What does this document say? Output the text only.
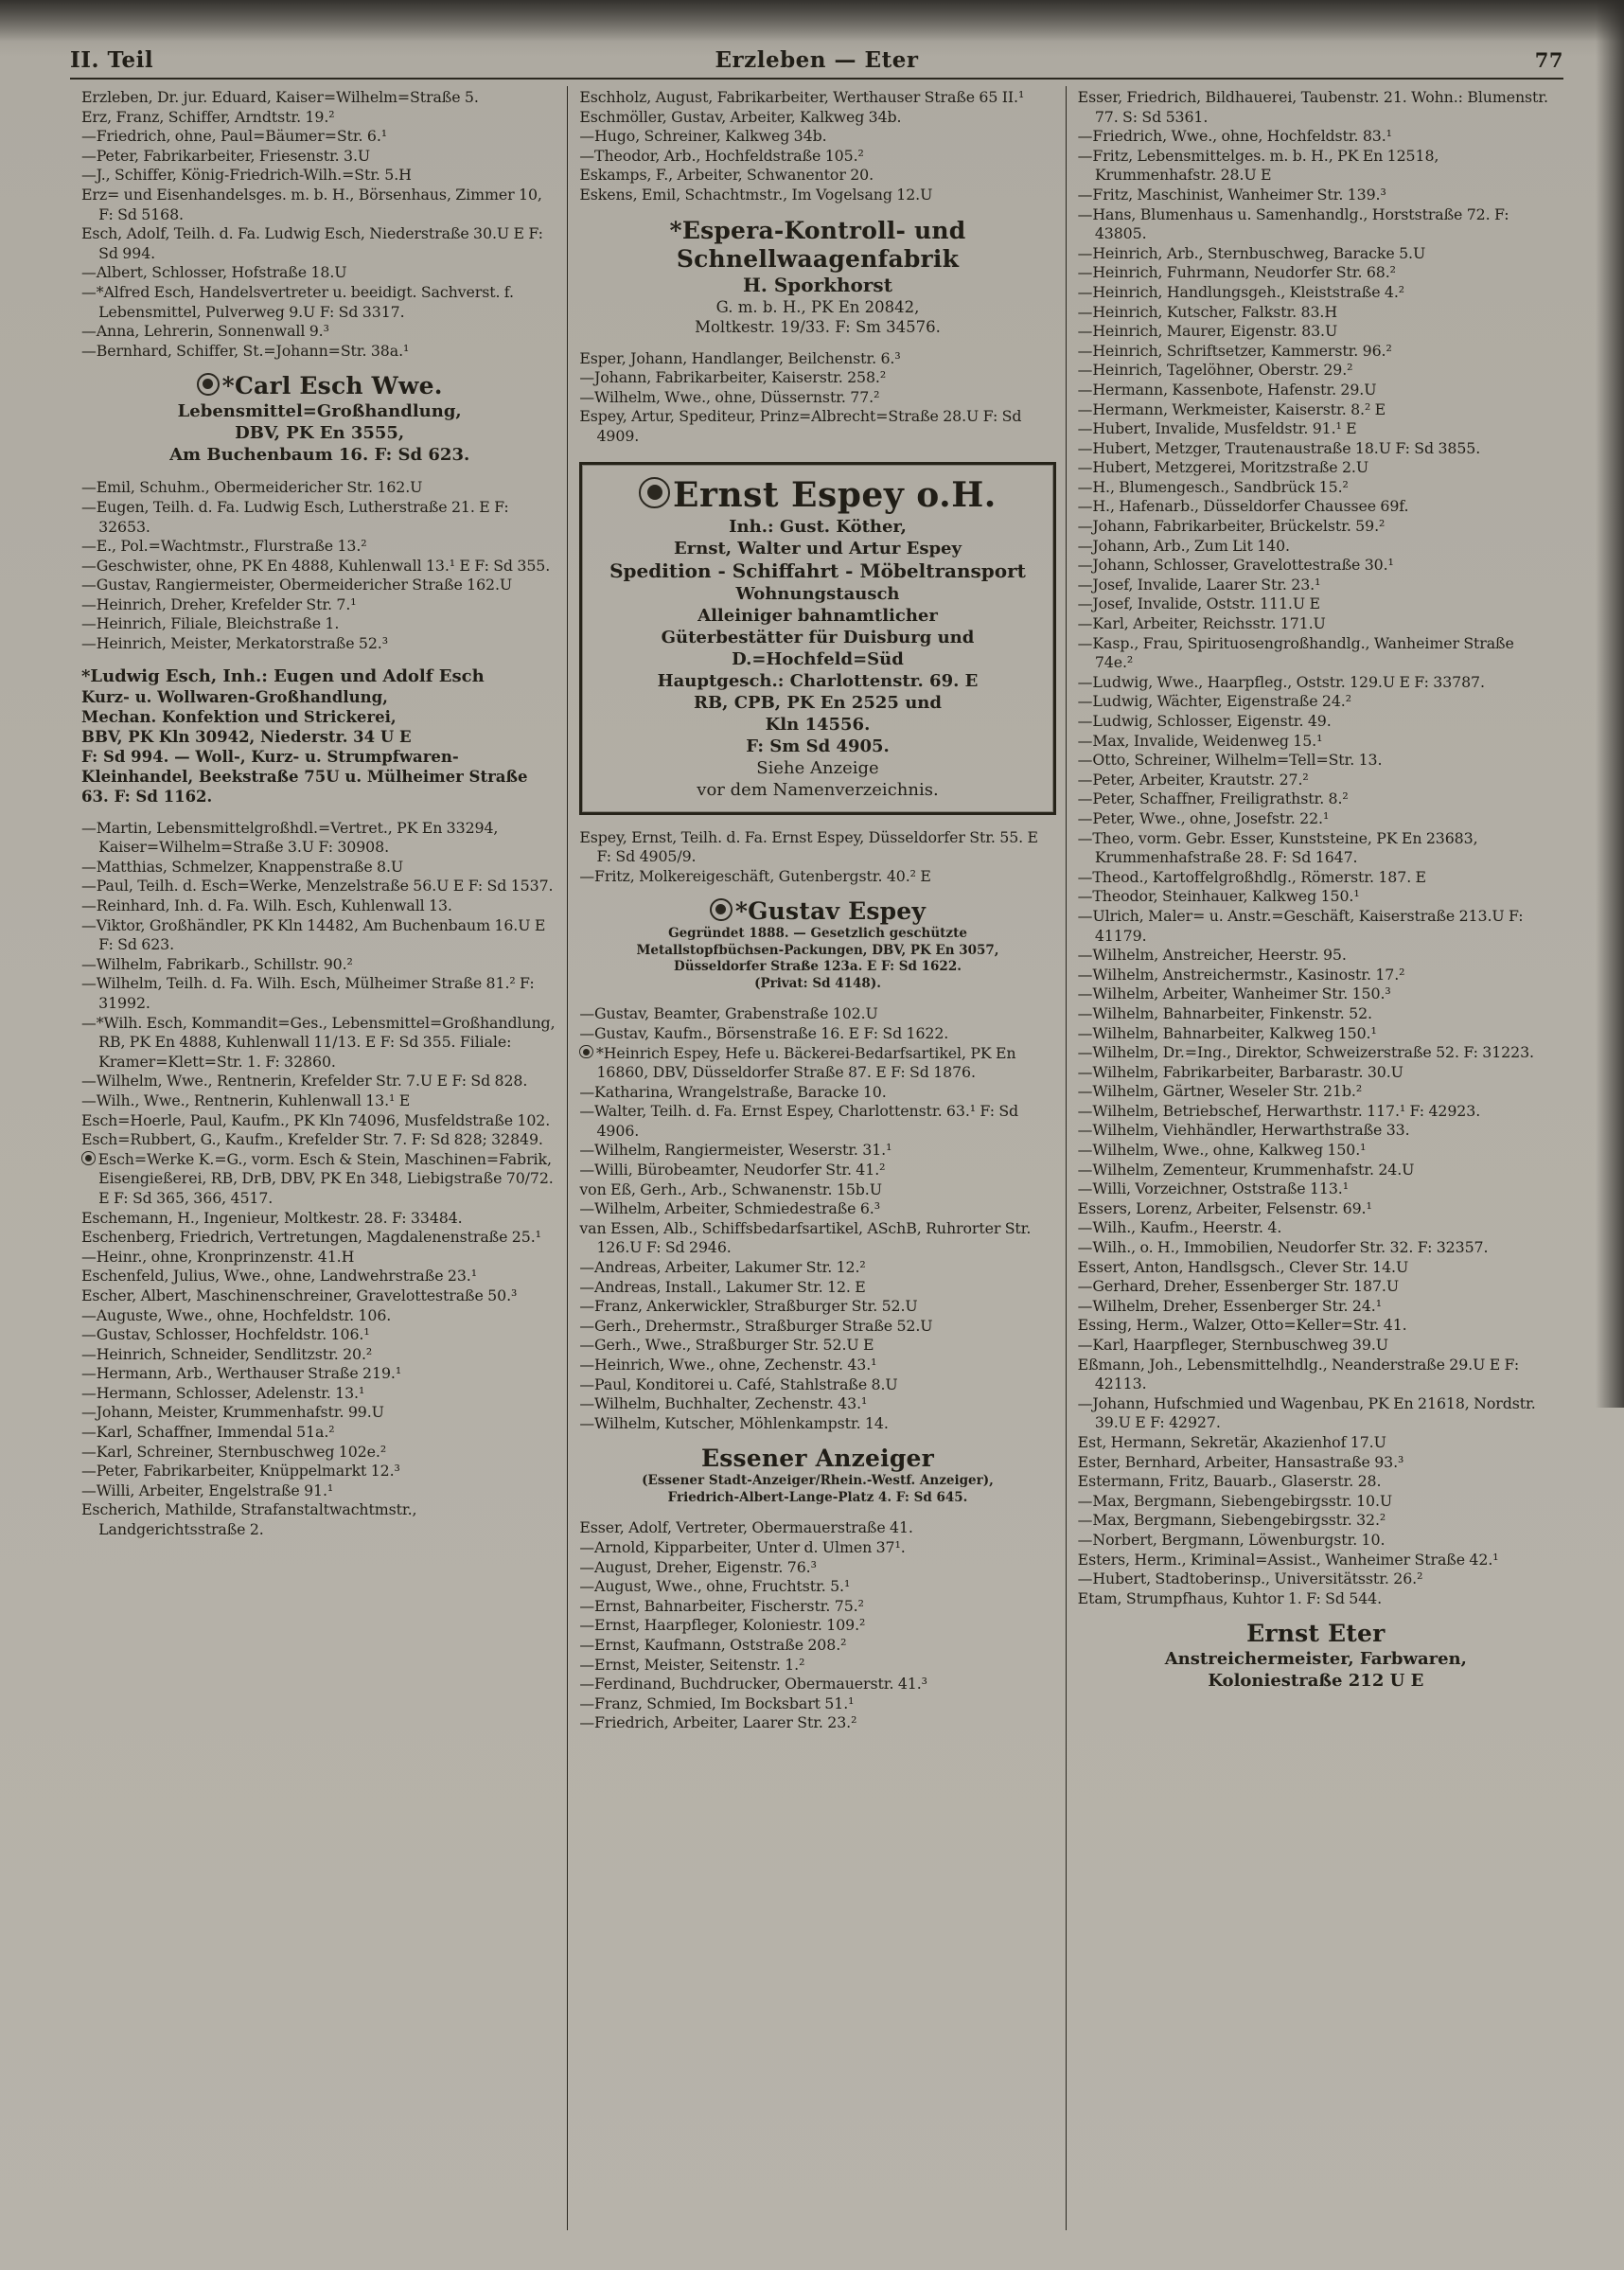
II. Teil	Erzleben — Eter	77

Erzleben, Dr. jur. Eduard, Kaiser=Wilhelm=Straße 5.

Erz, Franz, Schiffer, Arndtstr. 19.²

—Friedrich, ohne, Paul=Bäumer=Str. 6.¹

—Peter, Fabrikarbeiter, Friesenstr. 3.U

—J., Schiffer, König-Friedrich-Wilh.=Str. 5.H

Erz= und Eisenhandelsges. m. b. H., Börsenhaus, Zimmer 10, F: Sd 5168.

Esch, Adolf, Teilh. d. Fa. Ludwig Esch, Niederstraße 30.U E F: Sd 994.

—Albert, Schlosser, Hofstraße 18.U

—*Alfred Esch, Handelsvertreter u. beeidigt. Sachverst. f. Lebensmittel, Pulverweg 9.U F: Sd 3317.

—Anna, Lehrerin, Sonnenwall 9.³

—Bernhard, Schiffer, St.=Johann=Str. 38a.¹

*Carl Esch Wwe.

Lebensmittel=Großhandlung,

DBV, PK En 3555,

Am Buchenbaum 16. F: Sd 623.

—Emil, Schuhm., Obermeidericher Str. 162.U

—Eugen, Teilh. d. Fa. Ludwig Esch, Lutherstraße 21. E F: 32653.

—E., Pol.=Wachtmstr., Flurstraße 13.²

—Geschwister, ohne, PK En 4888, Kuhlenwall 13.¹ E F: Sd 355.

—Gustav, Rangiermeister, Obermeidericher Straße 162.U

—Heinrich, Dreher, Krefelder Str. 7.¹

—Heinrich, Filiale, Bleichstraße 1.

—Heinrich, Meister, Merkatorstraße 52.³

*Ludwig Esch, Inh.: Eugen und Adolf Esch

Kurz- u. Wollwaren-Großhandlung,

Mechan. Konfektion und Strickerei,

BBV, PK Kln 30942, Niederstr. 34 U E

F: Sd 994. — Woll-, Kurz- u. Strumpfwaren-Kleinhandel, Beekstraße 75U u. Mülheimer Straße 63. F: Sd 1162.

—Martin, Lebensmittelgroßhdl.=Vertret., PK En 33294, Kaiser=Wilhelm=Straße 3.U F: 30908.

—Matthias, Schmelzer, Knappenstraße 8.U

—Paul, Teilh. d. Esch=Werke, Menzelstraße 56.U E F: Sd 1537.

—Reinhard, Inh. d. Fa. Wilh. Esch, Kuhlenwall 13.

—Viktor, Großhändler, PK Kln 14482, Am Buchenbaum 16.U E F: Sd 623.

—Wilhelm, Fabrikarb., Schillstr. 90.²

—Wilhelm, Teilh. d. Fa. Wilh. Esch, Mülheimer Straße 81.² F: 31992.

—*Wilh. Esch, Kommandit=Ges., Lebensmittel=Großhandlung, RB, PK En 4888, Kuhlenwall 11/13. E F: Sd 355. Filiale: Kramer=Klett=Str. 1. F: 32860.

—Wilhelm, Wwe., Rentnerin, Krefelder Str. 7.U E F: Sd 828.

—Wilh., Wwe., Rentnerin, Kuhlenwall 13.¹ E

Esch=Hoerle, Paul, Kaufm., PK Kln 74096, Musfeldstraße 102.

Esch=Rubbert, G., Kaufm., Krefelder Str. 7. F: Sd 828; 32849.

Esch=Werke K.=G., vorm. Esch & Stein, Maschinen=Fabrik, Eisengießerei, RB, DrB, DBV, PK En 348, Liebigstraße 70/72. E F: Sd 365, 366, 4517.

Eschemann, H., Ingenieur, Moltkestr. 28. F: 33484.

Eschenberg, Friedrich, Vertretungen, Magdalenenstraße 25.¹

—Heinr., ohne, Kronprinzenstr. 41.H

Eschenfeld, Julius, Wwe., ohne, Landwehrstraße 23.¹

Escher, Albert, Maschinenschreiner, Gravelottestraße 50.³

—Auguste, Wwe., ohne, Hochfeldstr. 106.

—Gustav, Schlosser, Hochfeldstr. 106.¹

—Heinrich, Schneider, Sendlitzstr. 20.²

—Hermann, Arb., Werthauser Straße 219.¹

—Hermann, Schlosser, Adelenstr. 13.¹

—Johann, Meister, Krummenhafstr. 99.U

—Karl, Schaffner, Immendal 51a.²

—Karl, Schreiner, Sternbuschweg 102e.²

—Peter, Fabrikarbeiter, Knüppelmarkt 12.³

—Willi, Arbeiter, Engelstraße 91.¹

Escherich, Mathilde, Strafanstaltwachtmstr., Landgerichtsstraße 2.

Eschholz, August, Fabrikarbeiter, Werthauser Straße 65 II.¹

Eschmöller, Gustav, Arbeiter, Kalkweg 34b.

—Hugo, Schreiner, Kalkweg 34b.

—Theodor, Arb., Hochfeldstraße 105.²

Eskamps, F., Arbeiter, Schwanentor 20.

Eskens, Emil, Schachtmstr., Im Vogelsang 12.U

*Espera-Kontroll- und

Schnellwaagenfabrik

H. Sporkhorst

G. m. b. H., PK En 20842,

Moltkestr. 19/33. F: Sm 34576.

Esper, Johann, Handlanger, Beilchenstr. 6.³

—Johann, Fabrikarbeiter, Kaiserstr. 258.²

—Wilhelm, Wwe., ohne, Düssernstr. 77.²

Espey, Artur, Spediteur, Prinz=Albrecht=Straße 28.U F: Sd 4909.

Ernst Espey o.H.

Inh.: Gust. Köther,

Ernst, Walter und Artur Espey

Spedition - Schiffahrt - Möbeltransport

Wohnungstausch

Alleiniger bahnamtlicher

Güterbestätter für Duisburg und

D.=Hochfeld=Süd

Hauptgesch.: Charlottenstr. 69. E

RB, CPB, PK En 2525 und

Kln 14556.

F: Sm Sd 4905.

Siehe Anzeige

vor dem Namenverzeichnis.

Espey, Ernst, Teilh. d. Fa. Ernst Espey, Düsseldorfer Str. 55. E F: Sd 4905/9.

—Fritz, Molkereigeschäft, Gutenbergstr. 40.² E

*Gustav Espey

Gegründet 1888. — Gesetzlich geschützte

Metallstopfbüchsen-Packungen, DBV, PK En 3057,

Düsseldorfer Straße 123a. E F: Sd 1622.

(Privat: Sd 4148).

—Gustav, Beamter, Grabenstraße 102.U

—Gustav, Kaufm., Börsenstraße 16. E F: Sd 1622.

*Heinrich Espey, Hefe u. Bäckerei-Bedarfsartikel, PK En 16860, DBV, Düsseldorfer Straße 87. E F: Sd 1876.

—Katharina, Wrangelstraße, Baracke 10.

—Walter, Teilh. d. Fa. Ernst Espey, Charlottenstr. 63.¹ F: Sd 4906.

—Wilhelm, Rangiermeister, Weserstr. 31.¹

—Willi, Bürobeamter, Neudorfer Str. 41.²

von Eß, Gerh., Arb., Schwanenstr. 15b.U

—Wilhelm, Arbeiter, Schmiedestraße 6.³

van Essen, Alb., Schiffsbedarfsartikel, ASchB, Ruhrorter Str. 126.U F: Sd 2946.

—Andreas, Arbeiter, Lakumer Str. 12.²

—Andreas, Install., Lakumer Str. 12. E

—Franz, Ankerwickler, Straßburger Str. 52.U

—Gerh., Drehermstr., Straßburger Straße 52.U

—Gerh., Wwe., Straßburger Str. 52.U E

—Heinrich, Wwe., ohne, Zechenstr. 43.¹

—Paul, Konditorei u. Café, Stahlstraße 8.U

—Wilhelm, Buchhalter, Zechenstr. 43.¹

—Wilhelm, Kutscher, Möhlenkampstr. 14.

Essener Anzeiger

(Essener Stadt-Anzeiger/Rhein.-Westf. Anzeiger),

Friedrich-Albert-Lange-Platz 4. F: Sd 645.

Esser, Adolf, Vertreter, Obermauerstraße 41.

—Arnold, Kipparbeiter, Unter d. Ulmen 37¹.

—August, Dreher, Eigenstr. 76.³

—August, Wwe., ohne, Fruchtstr. 5.¹

—Ernst, Bahnarbeiter, Fischerstr. 75.²

—Ernst, Haarpfleger, Koloniestr. 109.²

—Ernst, Kaufmann, Oststraße 208.²

—Ernst, Meister, Seitenstr. 1.²

—Ferdinand, Buchdrucker, Obermauerstr. 41.³

—Franz, Schmied, Im Bocksbart 51.¹

—Friedrich, Arbeiter, Laarer Str. 23.²

Esser, Friedrich, Bildhauerei, Taubenstr. 21. Wohn.: Blumenstr. 77. S: Sd 5361.

—Friedrich, Wwe., ohne, Hochfeldstr. 83.¹

—Fritz, Lebensmittelges. m. b. H., PK En 12518, Krummenhafstr. 28.U E

—Fritz, Maschinist, Wanheimer Str. 139.³

—Hans, Blumenhaus u. Samenhandlg., Horststraße 72. F: 43805.

—Heinrich, Arb., Sternbuschweg, Baracke 5.U

—Heinrich, Fuhrmann, Neudorfer Str. 68.²

—Heinrich, Handlungsgeh., Kleiststraße 4.²

—Heinrich, Kutscher, Falkstr. 83.H

—Heinrich, Maurer, Eigenstr. 83.U

—Heinrich, Schriftsetzer, Kammerstr. 96.²

—Heinrich, Tagelöhner, Oberstr. 29.²

—Hermann, Kassenbote, Hafenstr. 29.U

—Hermann, Werkmeister, Kaiserstr. 8.² E

—Hubert, Invalide, Musfeldstr. 91.¹ E

—Hubert, Metzger, Trautenaustraße 18.U F: Sd 3855.

—Hubert, Metzgerei, Moritzstraße 2.U

—H., Blumengesch., Sandbrück 15.²

—H., Hafenarb., Düsseldorfer Chaussee 69f.

—Johann, Fabrikarbeiter, Brückelstr. 59.²

—Johann, Arb., Zum Lit 140.

—Johann, Schlosser, Gravelottestraße 30.¹

—Josef, Invalide, Laarer Str. 23.¹

—Josef, Invalide, Oststr. 111.U E

—Karl, Arbeiter, Reichsstr. 171.U

—Kasp., Frau, Spirituosengroßhandlg., Wanheimer Straße 74e.²

—Ludwig, Wwe., Haarpfleg., Oststr. 129.U E F: 33787.

—Ludwig, Wächter, Eigenstraße 24.²

—Ludwig, Schlosser, Eigenstr. 49.

—Max, Invalide, Weidenweg 15.¹

—Otto, Schreiner, Wilhelm=Tell=Str. 13.

—Peter, Arbeiter, Krautstr. 27.²

—Peter, Schaffner, Freiligrathstr. 8.²

—Peter, Wwe., ohne, Josefstr. 22.¹

—Theo, vorm. Gebr. Esser, Kunststeine, PK En 23683, Krummenhafstraße 28. F: Sd 1647.

—Theod., Kartoffelgroßhdlg., Römerstr. 187. E

—Theodor, Steinhauer, Kalkweg 150.¹

—Ulrich, Maler= u. Anstr.=Geschäft, Kaiserstraße 213.U F: 41179.

—Wilhelm, Anstreicher, Heerstr. 95.

—Wilhelm, Anstreichermstr., Kasinostr. 17.²

—Wilhelm, Arbeiter, Wanheimer Str. 150.³

—Wilhelm, Bahnarbeiter, Finkenstr. 52.

—Wilhelm, Bahnarbeiter, Kalkweg 150.¹

—Wilhelm, Dr.=Ing., Direktor, Schweizerstraße 52. F: 31223.

—Wilhelm, Fabrikarbeiter, Barbarastr. 30.U

—Wilhelm, Gärtner, Weseler Str. 21b.²

—Wilhelm, Betriebschef, Herwarthstr. 117.¹ F: 42923.

—Wilhelm, Viehhändler, Herwarthstraße 33.

—Wilhelm, Wwe., ohne, Kalkweg 150.¹

—Wilhelm, Zementeur, Krummenhafstr. 24.U

—Willi, Vorzeichner, Oststraße 113.¹

Essers, Lorenz, Arbeiter, Felsenstr. 69.¹

—Wilh., Kaufm., Heerstr. 4.

—Wilh., o. H., Immobilien, Neudorfer Str. 32. F: 32357.

Essert, Anton, Handlsgsch., Clever Str. 14.U

—Gerhard, Dreher, Essenberger Str. 187.U

—Wilhelm, Dreher, Essenberger Str. 24.¹

Essing, Herm., Walzer, Otto=Keller=Str. 41.

—Karl, Haarpfleger, Sternbuschweg 39.U

Eßmann, Joh., Lebensmittelhdlg., Neanderstraße 29.U E F: 42113.

—Johann, Hufschmied und Wagenbau, PK En 21618, Nordstr. 39.U E F: 42927.

Est, Hermann, Sekretär, Akazienhof 17.U

Ester, Bernhard, Arbeiter, Hansastraße 93.³

Estermann, Fritz, Bauarb., Glaserstr. 28.

—Max, Bergmann, Siebengebirgsstr. 10.U

—Max, Bergmann, Siebengebirgsstr. 32.²

—Norbert, Bergmann, Löwenburgstr. 10.

Esters, Herm., Kriminal=Assist., Wanheimer Straße 42.¹

—Hubert, Stadtoberinsp., Universitätsstr. 26.²

Etam, Strumpfhaus, Kuhtor 1. F: Sd 544.

Ernst Eter

Anstreichermeister, Farbwaren,

Koloniestraße 212 U E
